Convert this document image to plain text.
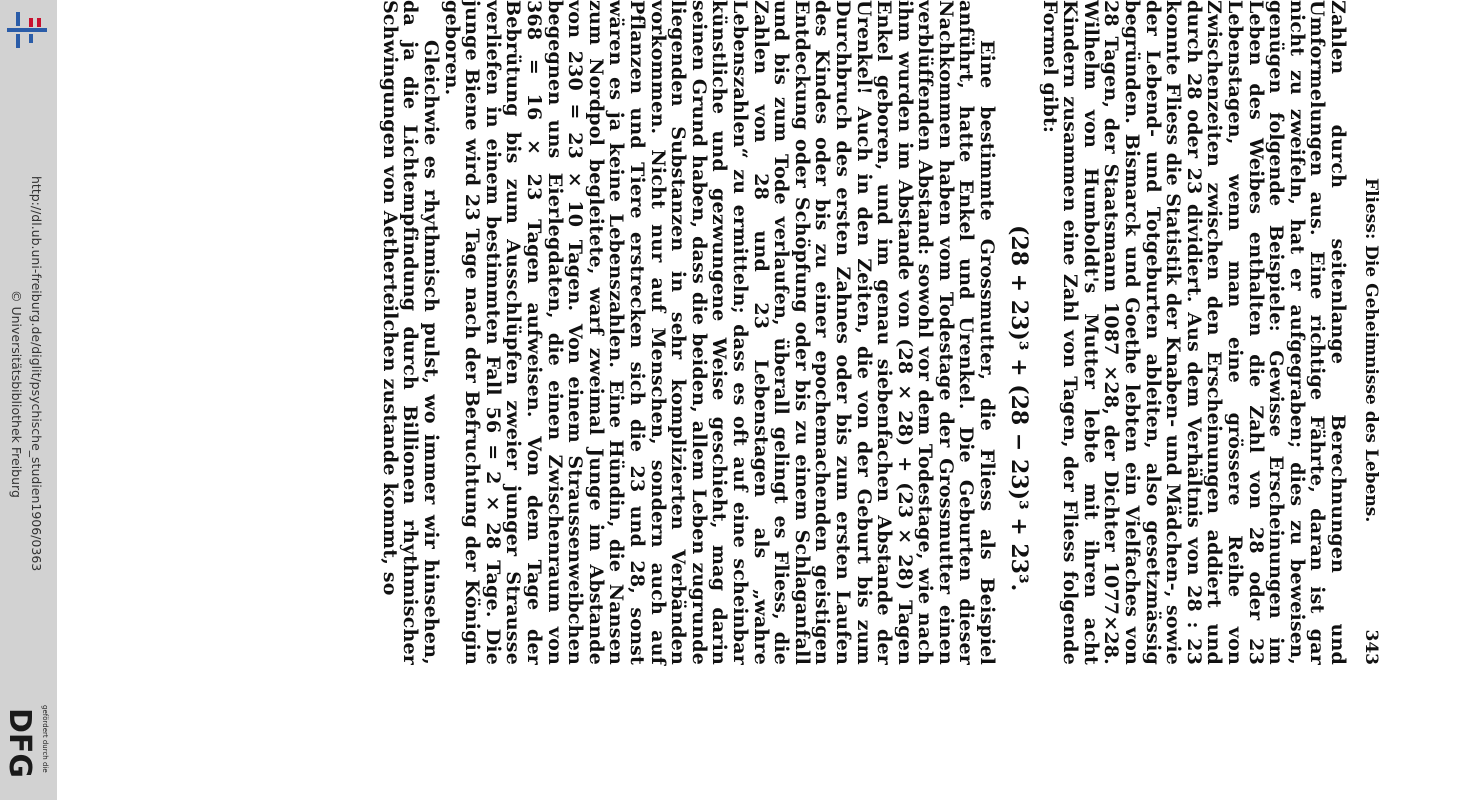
http://dl.ub.uni-freiburg.de/diglit/psychische_studien1906/0363
© Universitätsbibliothek Freiburg
gefördert durch die
DFG
Fliess: Die Geheimnisse des Lebens.
343

Zahlen durch seitenlange Berechnungen und Umformelungen aus. Eine richtige Fährte, daran ist gar nicht zu zweifeln, hat er aufgegraben; dies zu beweisen, genügen folgende Beispiele: Gewisse Erscheinungen im Leben des Weibes enthalten die Zahl von 28 oder 23 Lebenstagen, wenn man eine grössere Reihe von Zwischenzeiten zwischen den Erscheinungen addiert und durch 28 oder 23 dividiert. Aus dem Verhältnis von 28 : 23 konnte Fliess die Statistik der Knaben- und Mädchen-, sowie der Lebend- und Totgeburten ableiten, also gesetzmässig begründen. Bismarck und Goethe lebten ein Vielfaches von 28 Tagen, der Staatsmann 1087 ×28, der Dichter 1077×28. Wilhelm von Humboldt's Mutter lebte mit ihren acht Kindern zusammen eine Zahl von Tagen, der Fliess folgende Formel gibt:

(28 + 23)³ + (28 − 23)³ + 23³.

Eine bestimmte Grossmutter, die Fliess als Beispiel anführt, hatte Enkel und Urenkel. Die Geburten dieser Nachkommen haben vom Todestage der Grossmutter einen verblüffenden Abstand: sowohl vor dem Todestage, wie nach ihm wurden im Abstande von (28 × 28) + (23 × 28) Tagen Enkel geboren, und im genau siebenfachen Abstande der Urenkel! Auch in den Zeiten, die von der Geburt bis zum Durchbruch des ersten Zahnes oder bis zum ersten Laufen des Kindes oder bis zu einer epochemachenden geistigen Entdeckung oder Schöpfung oder bis zu einem Schlaganfall und bis zum Tode verlaufen, überall gelingt es Fliess, die Zahlen von 28 und 23 Lebenstagen als „wahre Lebenszahlen“ zu ermitteln; dass es oft auf eine scheinbar künstliche und gezwungene Weise geschieht, mag darin seinen Grund haben, dass die beiden, allem Leben zugrunde liegenden Substanzen in sehr komplizierten Verbänden vorkommen. Nicht nur auf Menschen, sondern auch auf Pflanzen und Tiere erstrecken sich die 23 und 28, sonst wären es ja keine Lebenszahlen. Eine Hündin, die Nansen zum Nordpol begleitete, warf zweimal Junge im Abstande von 230 = 23 × 10 Tagen. Von einem Straussenweibchen begegnen uns Eierlegdaten, die einen Zwischenraum von 368 = 16 × 23 Tagen aufweisen. Von dem Tage der Bebrütung bis zum Ausschlüpfen zweier junger Strausse verliefen in einem bestimmten Fall 56 = 2 × 28 Tage. Die junge Biene wird 23 Tage nach der Befruchtung der Königin geboren.

Gleichwie es rhythmisch pulst, wo immer wir hinsehen, da ja die Lichtempfindung durch Billionen rhythmischer Schwingungen von Aetherteilchen zustande kommt, so
